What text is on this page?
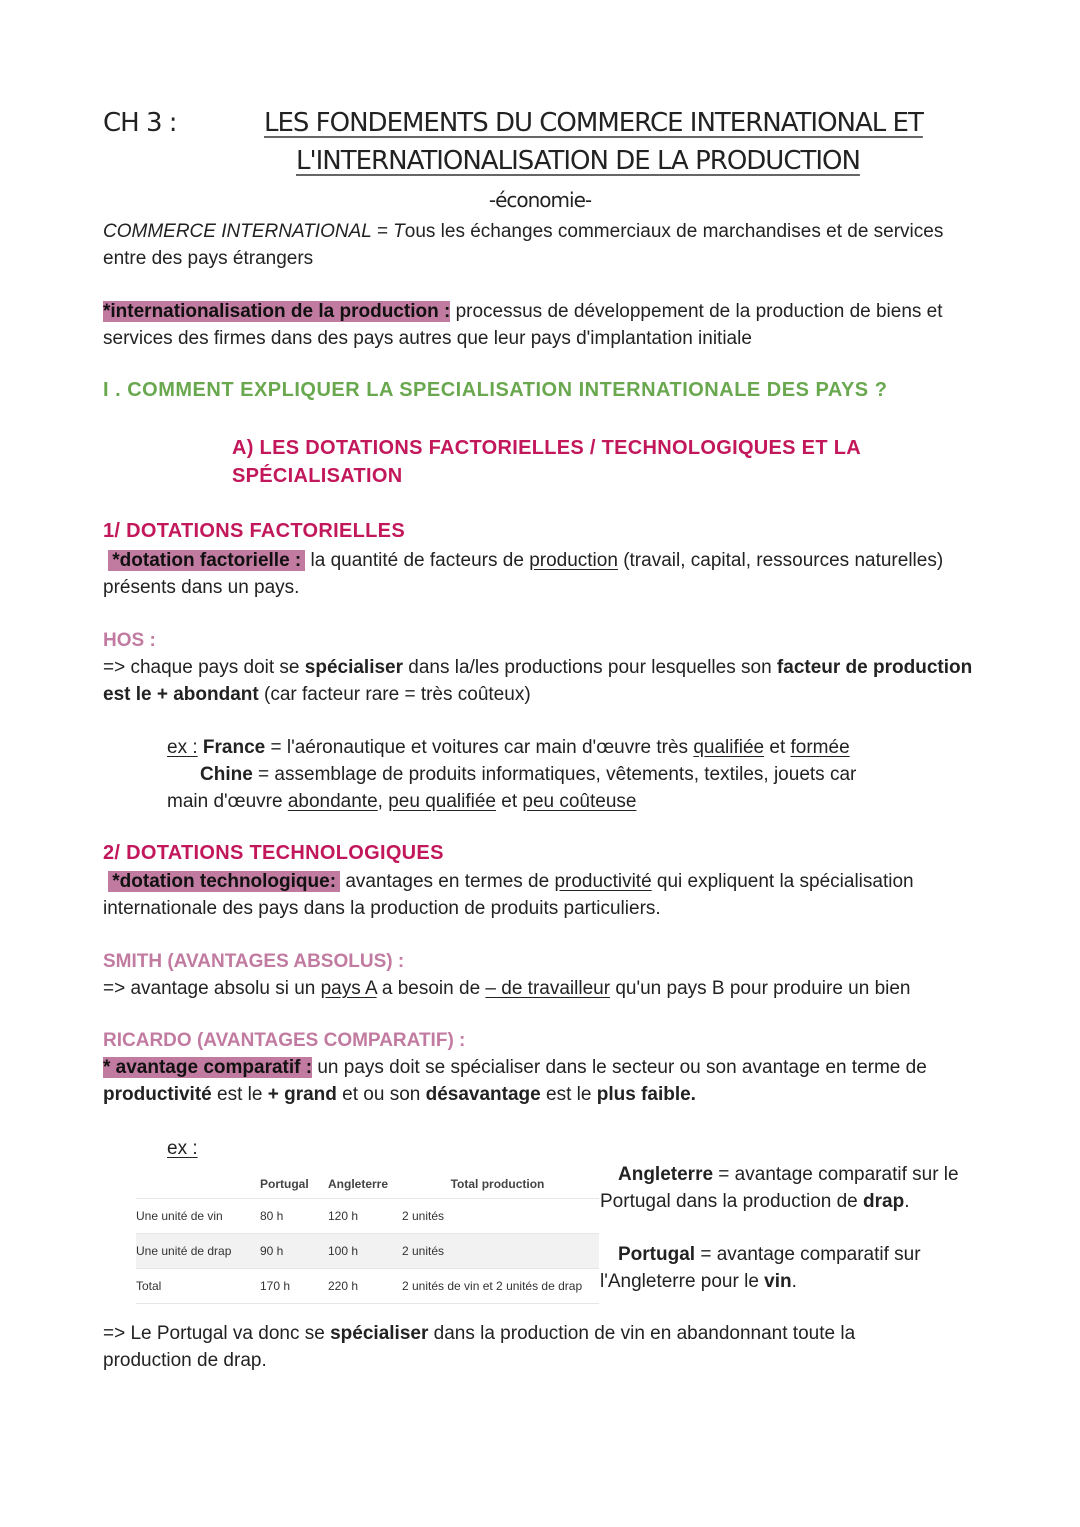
CH 3 :	LES FONDEMENTS DU COMMERCE INTERNATIONAL ET
L'INTERNATIONALISATION DE LA PRODUCTION
-économie-
COMMERCE INTERNATIONAL = Tous les échanges commerciaux de marchandises et de services entre des pays étrangers
*internationalisation de la production : processus de développement de la production de biens et services des firmes dans des pays autres que leur pays d'implantation initiale
I . COMMENT EXPLIQUER LA SPECIALISATION INTERNATIONALE DES PAYS ?
A) LES DOTATIONS FACTORIELLES / TECHNOLOGIQUES ET LA
SPÉCIALISATION
1/ DOTATIONS FACTORIELLES
*dotation factorielle : la quantité de facteurs de production (travail, capital, ressources naturelles) présents dans un pays.
HOS :
=> chaque pays doit se spécialiser dans la/les productions pour lesquelles son facteur de production est le + abondant (car facteur rare = très coûteux)
ex : France = l'aéronautique et voitures car main d'œuvre très qualifiée et formée
Chine = assemblage de produits informatiques, vêtements, textiles, jouets car
main d'œuvre abondante, peu qualifiée et peu coûteuse
2/ DOTATIONS TECHNOLOGIQUES
*dotation technologique: avantages en termes de productivité qui expliquent la spécialisation internationale des pays dans la production de produits particuliers.
SMITH (AVANTAGES ABSOLUS) :
=> avantage absolu si un pays A a besoin de – de travailleur qu'un pays B pour produire un bien
RICARDO (AVANTAGES COMPARATIF) :
* avantage comparatif : un pays doit se spécialiser dans le secteur ou son avantage en terme de productivité est le + grand et ou son désavantage est le plus faible.
ex :
	Portugal	Angleterre	Total production
Une unité de vin	80 h	120 h	2 unités
Une unité de drap	90 h	100 h	2 unités
Total	170 h	220 h	2 unités de vin et 2 unités de drap
Angleterre = avantage comparatif sur le Portugal dans la production de drap.
Portugal = avantage comparatif sur l'Angleterre pour le vin.
=> Le Portugal va donc se spécialiser dans la production de vin en abandonnant toute la production de drap.
